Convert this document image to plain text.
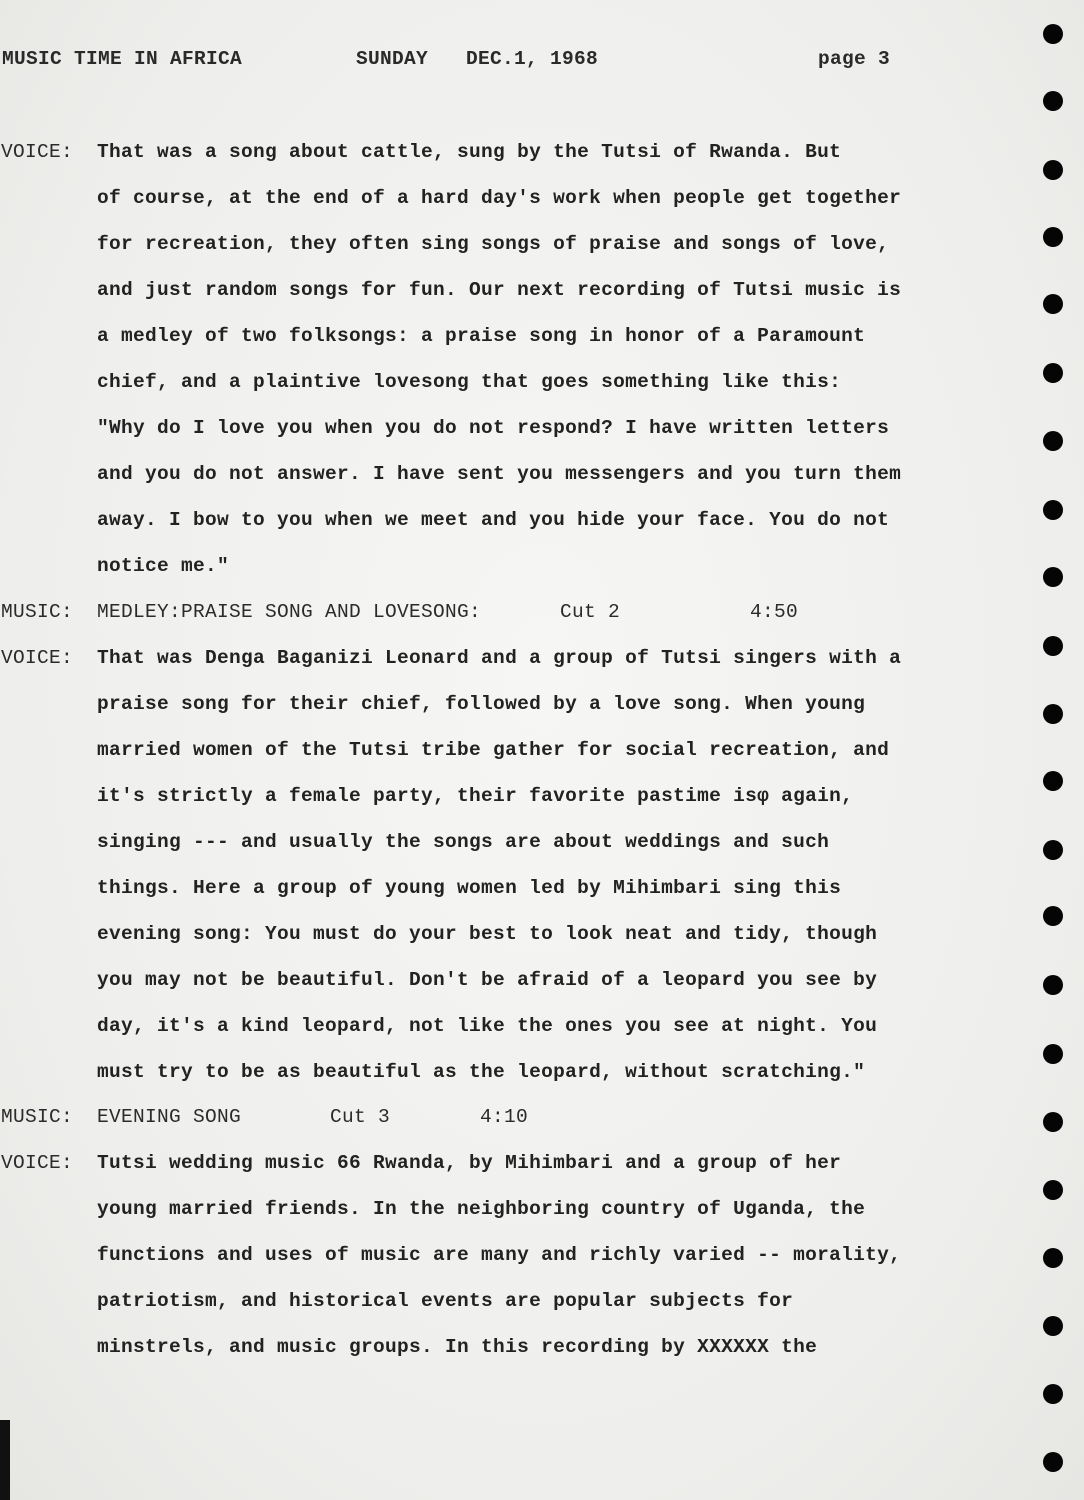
MUSIC TIME IN AFRICA	SUNDAY DEC.1, 1968	page 3
VOICE: That was a song about cattle, sung by the Tutsi of Rwanda. But
of course, at the end of a hard day's work when people get together
for recreation, they often sing songs of praise and songs of love,
and just random songs for fun. Our next recording of Tutsi music is
a medley of two folksongs: a praise song in honor of a Paramount
chief, and a plaintive lovesong that goes something like this:
"Why do I love you when you do not respond? I have written letters
and you do not answer. I have sent you messengers and you turn them
away. I bow to you when we meet and you hide your face. You do not
notice me."
MUSIC: MEDLEY:PRAISE SONG AND LOVESONG:	Cut 2	4:50
VOICE: That was Denga Baganizi Leonard and a group of Tutsi singers with a
praise song for their chief, followed by a love song. When young
married women of the Tutsi tribe gather for social recreation, and
it's strictly a female party, their favorite pastime isφ again,
singing --- and usually the songs are about weddings and such
things. Here a group of young women led by Mihimbari sing this
evening song: You must do your best to look neat and tidy, though
you may not be beautiful. Don't be afraid of a leopard you see by
day, it's a kind leopard, not like the ones you see at night. You
must try to be as beautiful as the leopard, without scratching."
MUSIC: EVENING SONG	Cut 3	4:10
VOICE: Tutsi wedding music 66 Rwanda, by Mihimbari and a group of her
young married friends. In the neighboring country of Uganda, the
functions and uses of music are many and richly varied -- morality,
patriotism, and historical events are popular subjects for
minstrels, and music groups. In this recording by XXXXXX the
